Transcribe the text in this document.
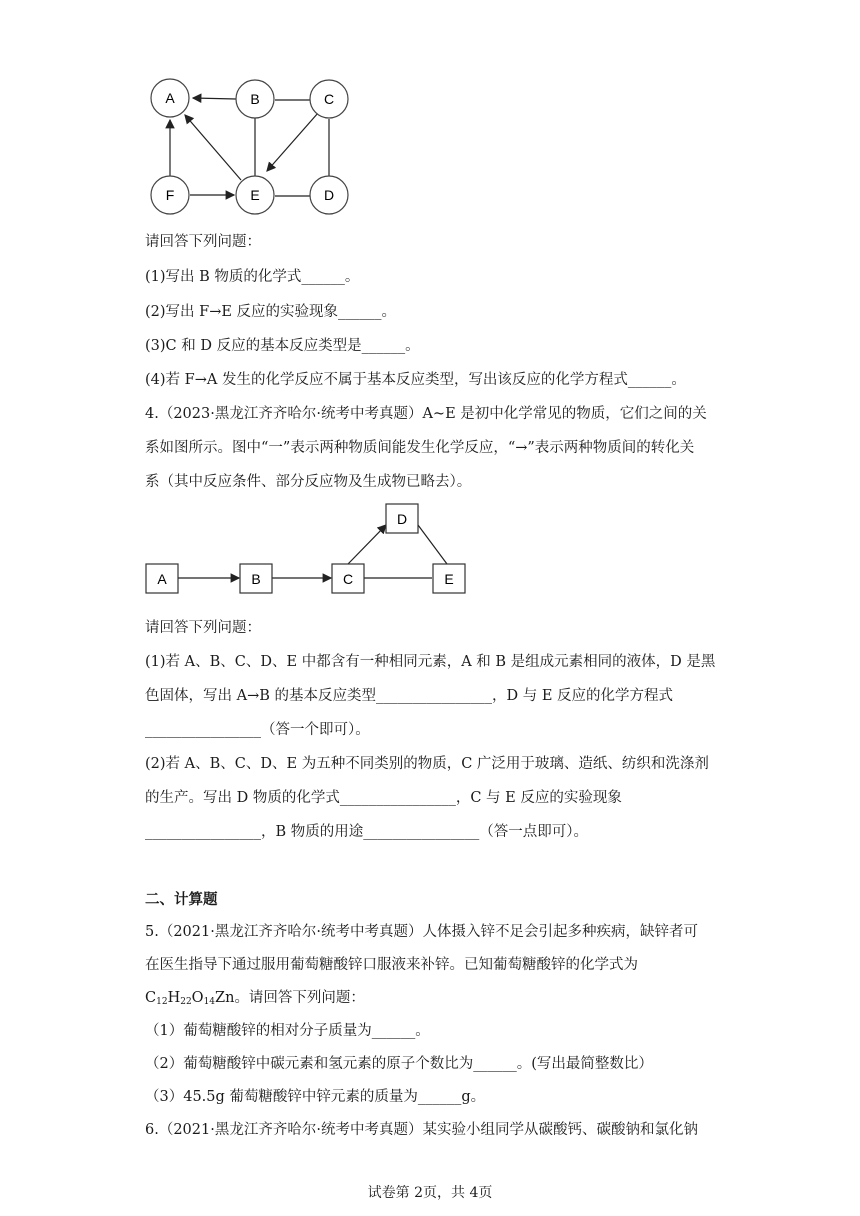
A	B	C
F	E	D
请回答下列问题：
(1)写出 B 物质的化学式______。
(2)写出 F→E 反应的实验现象______。
(3)C 和 D 反应的基本反应类型是______。
(4)若 F→A 发生的化学反应不属于基本反应类型，写出该反应的化学方程式______。
4.（2023·黑龙江齐齐哈尔·统考中考真题）A~E 是初中化学常见的物质，它们之间的关
系如图所示。图中“一”表示两种物质间能发生化学反应，“→”表示两种物质间的转化关
系（其中反应条件、部分反应物及生成物已略去）。
A	B	C
D
E
请回答下列问题：
(1)若 A、B、C、D、E 中都含有一种相同元素，A 和 B 是组成元素相同的液体，D 是黑
色固体，写出 A→B 的基本反应类型________________，D 与 E 反应的化学方程式
________________（答一个即可）。
(2)若 A、B、C、D、E 为五种不同类别的物质，C 广泛用于玻璃、造纸、纺织和洗涤剂
的生产。写出 D 物质的化学式________________，C 与 E 反应的实验现象
________________，B 物质的用途________________（答一点即可）。
二、计算题
5.（2021·黑龙江齐齐哈尔·统考中考真题）人体摄入锌不足会引起多种疾病，缺锌者可
在医生指导下通过服用葡萄糖酸锌口服液来补锌。已知葡萄糖酸锌的化学式为
$C_{12}H_{22}O_{14}Zn$。请回答下列问题：
（1）葡萄糖酸锌的相对分子质量为______。
（2）葡萄糖酸锌中碳元素和氢元素的原子个数比为______。(写出最简整数比）
（3）45.5g 葡萄糖酸锌中锌元素的质量为______g。
6.（2021·黑龙江齐齐哈尔·统考中考真题）某实验小组同学从碳酸钙、碳酸钠和氯化钠
试卷第 2页，共 4页
